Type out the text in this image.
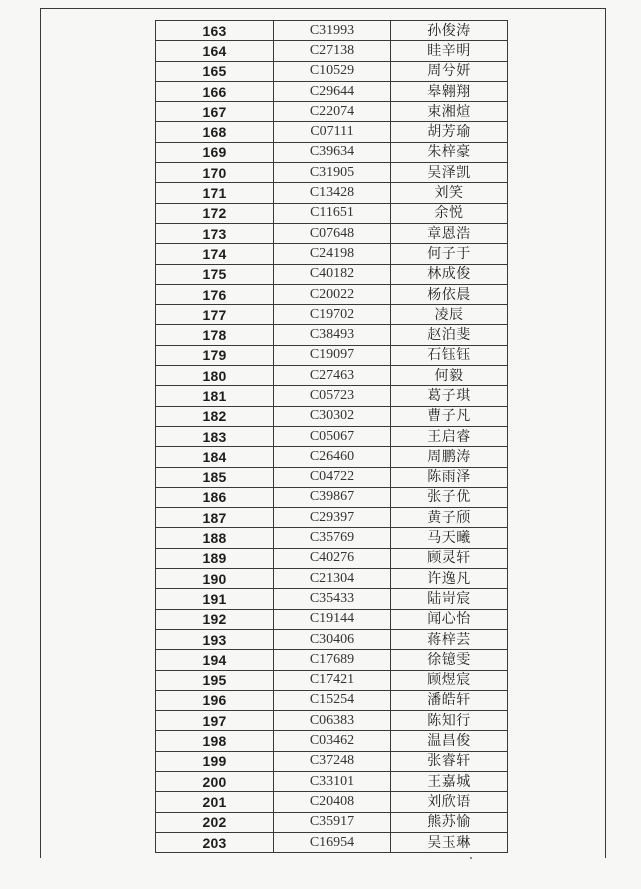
163	C31993	孙俊涛
164	C27138	眭辛明
165	C10529	周兮妍
166	C29644	皋翱翔
167	C22074	束湘煊
168	C07111	胡芳瑜
169	C39634	朱梓豪
170	C31905	吴泽凯
171	C13428	刘笑
172	C11651	余悦
173	C07648	章恩浩
174	C24198	何子于
175	C40182	林成俊
176	C20022	杨依晨
177	C19702	凌辰
178	C38493	赵泊斐
179	C19097	石钰钰
180	C27463	何毅
181	C05723	葛子琪
182	C30302	曹子凡
183	C05067	王启睿
184	C26460	周鹏涛
185	C04722	陈雨泽
186	C39867	张子优
187	C29397	黄子颀
188	C35769	马天曦
189	C40276	顾灵轩
190	C21304	许逸凡
191	C35433	陆岢宸
192	C19144	闻心怡
193	C30406	蒋梓芸
194	C17689	徐镱雯
195	C17421	顾煜宸
196	C15254	潘皓轩
197	C06383	陈知行
198	C03462	温昌俊
199	C37248	张睿轩
200	C33101	王嘉城
201	C20408	刘欣语
202	C35917	熊苏愉
203	C16954	吴玉琳
